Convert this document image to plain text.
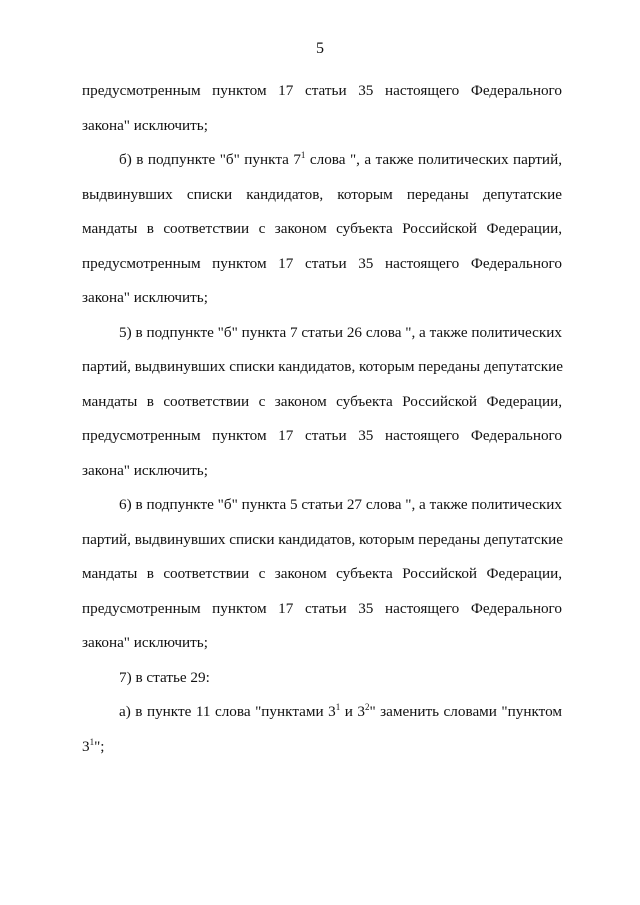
5
предусмотренным пунктом 17 статьи 35 настоящего Федерального
закона" исключить;
б) в подпункте "б" пункта $7^1$ слова ", а также политических партий,
выдвинувших списки кандидатов, которым переданы депутатские
мандаты в соответствии с законом субъекта Российской Федерации,
предусмотренным пунктом 17 статьи 35 настоящего Федерального
закона" исключить;
5) в подпункте "б" пункта 7 статьи 26 слова ", а также политических
партий, выдвинувших списки кандидатов, которым переданы депутатские
мандаты в соответствии с законом субъекта Российской Федерации,
предусмотренным пунктом 17 статьи 35 настоящего Федерального
закона" исключить;
6) в подпункте "б" пункта 5 статьи 27 слова ", а также политических
партий, выдвинувших списки кандидатов, которым переданы депутатские
мандаты в соответствии с законом субъекта Российской Федерации,
предусмотренным пунктом 17 статьи 35 настоящего Федерального
закона" исключить;
7) в статье 29:
а) в пункте 11 слова "пунктами $3^1$ и $3^2$" заменить словами "пунктом
$3^1$";
